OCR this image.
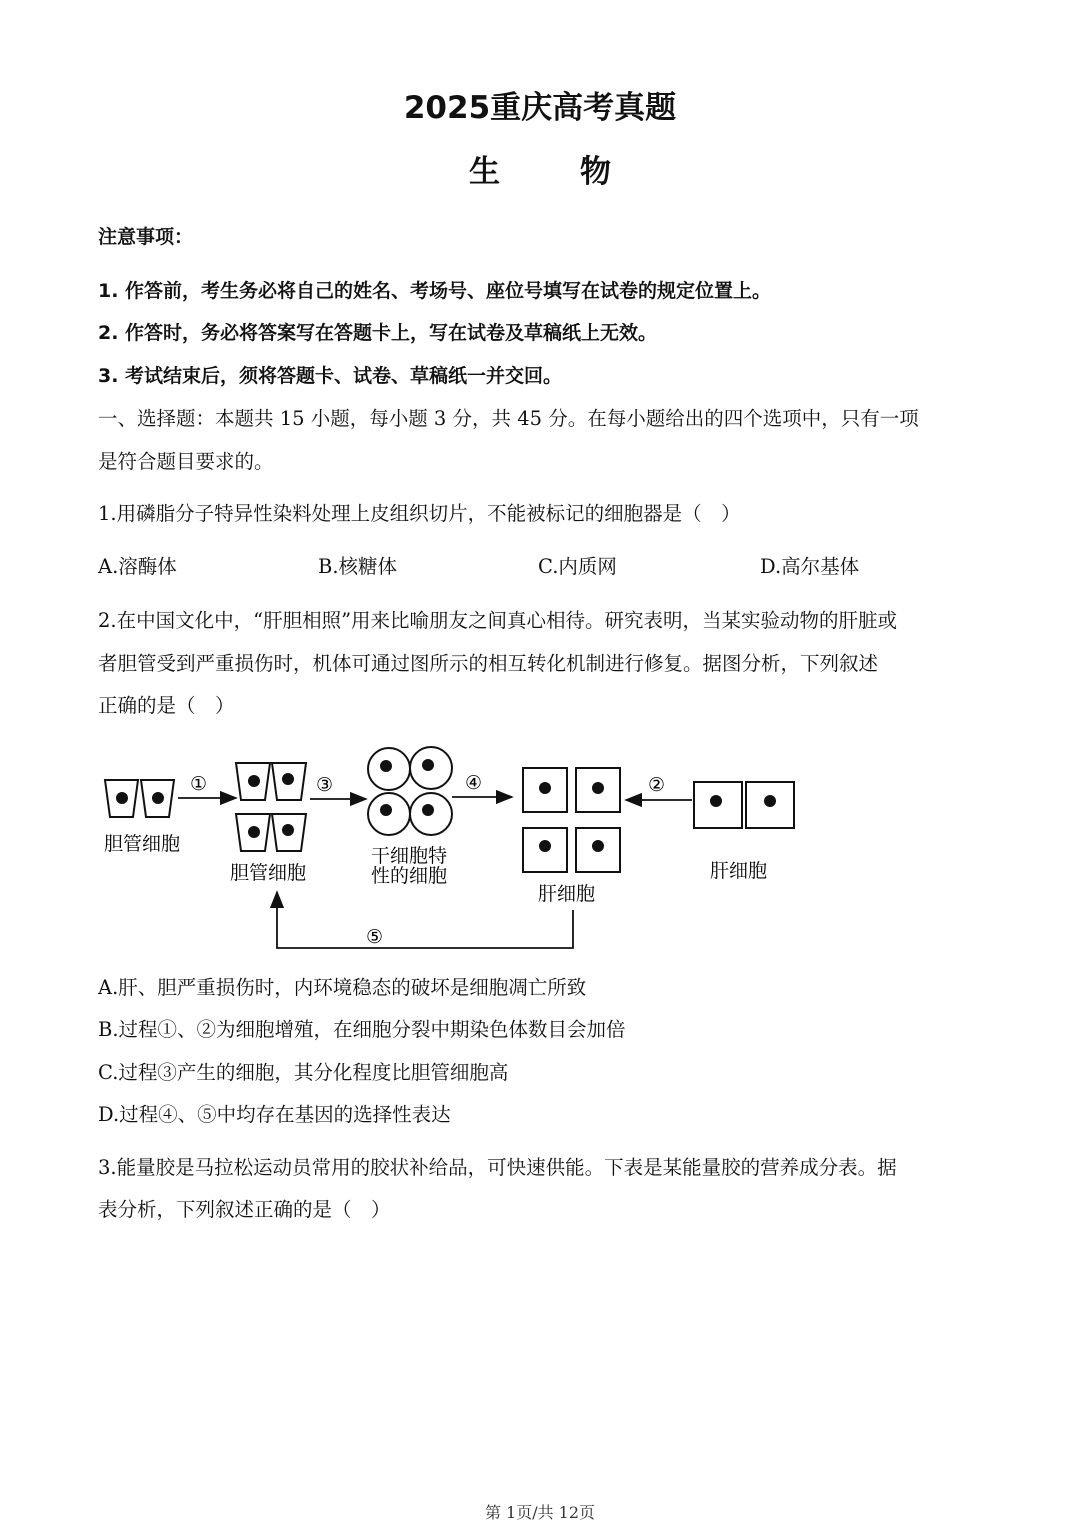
2025重庆高考真题
生	物
注意事项：
1. 作答前，考生务必将自己的姓名、考场号、座位号填写在试卷的规定位置上。
2. 作答时，务必将答案写在答题卡上，写在试卷及草稿纸上无效。
3. 考试结束后，须将答题卡、试卷、草稿纸一并交回。
一、选择题：本题共 15 小题，每小题 3 分，共 45 分。在每小题给出的四个选项中，只有一项
是符合题目要求的。
1.用磷脂分子特异性染料处理上皮组织切片，不能被标记的细胞器是（　）
A.溶酶体	B.核糖体	C.内质网	D.高尔基体
2.在中国文化中，“肝胆相照”用来比喻朋友之间真心相待。研究表明，当某实验动物的肝脏或
者胆管受到严重损伤时，机体可通过图所示的相互转化机制进行修复。据图分析，下列叙述
正确的是（　）
胆管细胞
①
胆管细胞
③
干细胞特
性的细胞
④
肝细胞
②
肝细胞
⑤
A.肝、胆严重损伤时，内环境稳态的破坏是细胞凋亡所致
B.过程①、②为细胞增殖，在细胞分裂中期染色体数目会加倍
C.过程③产生的细胞，其分化程度比胆管细胞高
D.过程④、⑤中均存在基因的选择性表达
3.能量胶是马拉松运动员常用的胶状补给品，可快速供能。下表是某能量胶的营养成分表。据
表分析，下列叙述正确的是（　）
第 1页/共 12页
